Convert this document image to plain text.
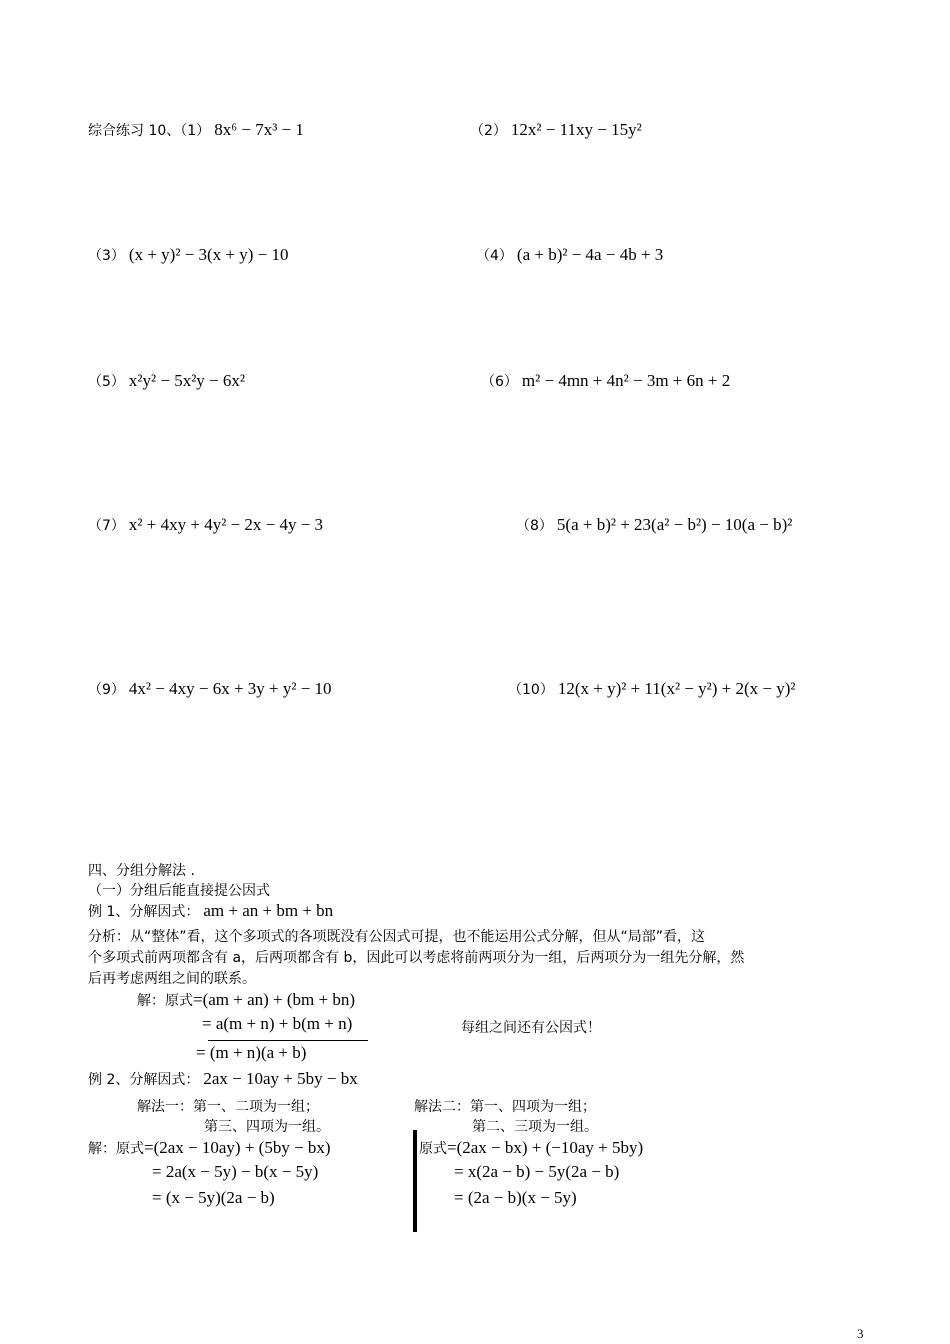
综合练习 10、（1） 8x⁶ − 7x³ − 1	（2） 12x² − 11xy − 15y²
（3） (x + y)² − 3(x + y) − 10	（4） (a + b)² − 4a − 4b + 3
（5） x²y² − 5x²y − 6x²	（6） m² − 4mn + 4n² − 3m + 6n + 2
（7） x² + 4xy + 4y² − 2x − 4y − 3	（8） 5(a + b)² + 23(a² − b²) − 10(a − b)²
（9） 4x² − 4xy − 6x + 3y + y² − 10	（10） 12(x + y)² + 11(x² − y²) + 2(x − y)²
四、分组分解法 .
（一）分组后能直接提公因式
例 1、分解因式： am + an + bm + bn
分析：从“整体”看，这个多项式的各项既没有公因式可提，也不能运用公式分解，但从“局部”看，这
个多项式前两项都含有 a，后两项都含有 b，因此可以考虑将前两项分为一组，后两项分为一组先分解，然
后再考虑两组之间的联系。
解：原式=(am + an) + (bm + bn)
= a(m + n) + b(m + n)	每组之间还有公因式！
= (m + n)(a + b)
例 2、分解因式： 2ax − 10ay + 5by − bx
解法一：第一、二项为一组；
第三、四项为一组。
解法二：第一、四项为一组；
第二、三项为一组。
解：原式=(2ax − 10ay) + (5by − bx)
= 2a(x − 5y) − b(x − 5y)
= (x − 5y)(2a − b)
原式=(2ax − bx) + (−10ay + 5by)
= x(2a − b) − 5y(2a − b)
= (2a − b)(x − 5y)
3
